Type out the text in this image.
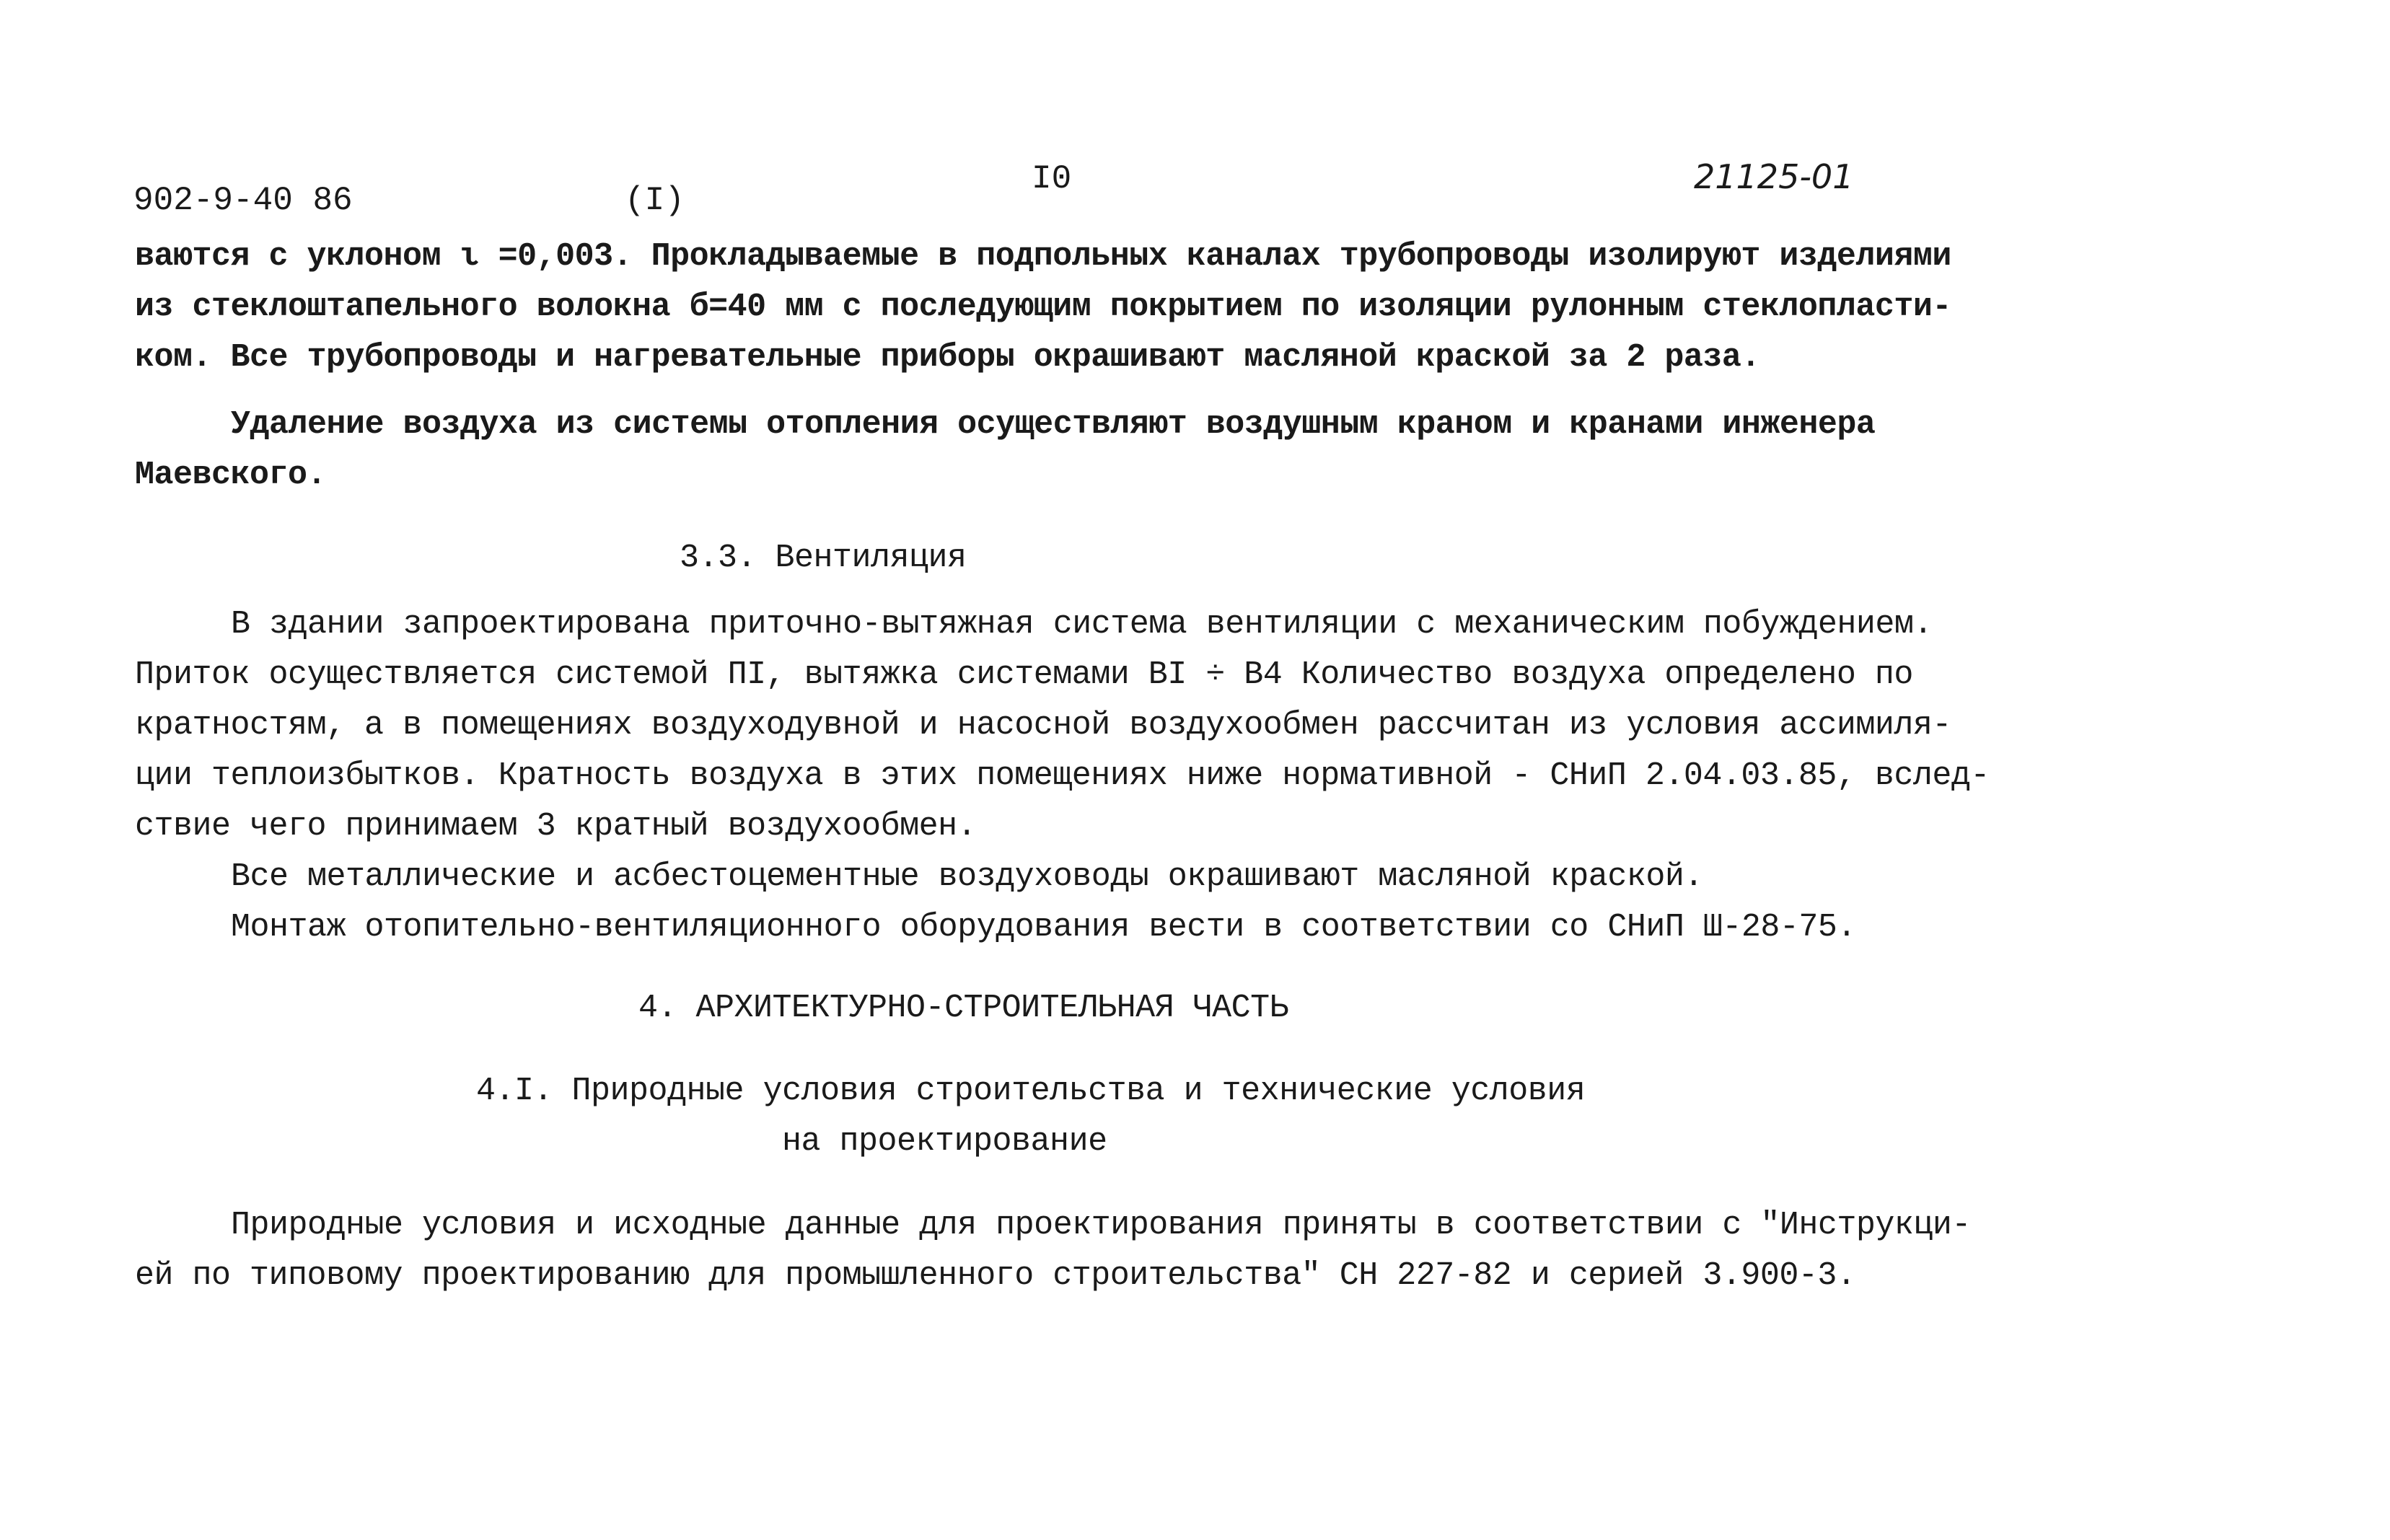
902-9-40 86	(I)
I0	21125-01
ваются с уклоном ι =0,003. Прокладываемые в подпольных каналах трубопроводы изолируют изделиями
из стеклоштапельного волокна б=40 мм с последующим покрытием по изоляции рулонным стеклопласти-
ком. Все трубопроводы и нагревательные приборы окрашивают масляной краской за 2 раза.
Удаление воздуха из системы отопления осуществляют воздушным краном и кранами инженера
Маевского.
3.3. Вентиляция
В здании запроектирована приточно-вытяжная система вентиляции с механическим побуждением.
Приток осуществляется системой ПI, вытяжка системами BI ÷ B4 Количество воздуха определено по
кратностям, а в помещениях воздуходувной и насосной воздухообмен рассчитан из условия ассимиля-
ции теплоизбытков. Кратность воздуха в этих помещениях ниже нормативной - СНиП 2.04.03.85, вслед-
ствие чего принимаем 3 кратный воздухообмен.
Все металлические и асбестоцементные воздуховоды окрашивают масляной краской.
Монтаж отопительно-вентиляционного оборудования вести в соответствии со СНиП Ш-28-75.
4. АРХИТЕКТУРНО-СТРОИТЕЛЬНАЯ ЧАСТЬ
4.I. Природные условия строительства и технические условия
на проектирование
Природные условия и исходные данные для проектирования приняты в соответствии с "Инструкци-
ей по типовому проектированию для промышленного строительства" СН 227-82 и серией 3.900-3.
